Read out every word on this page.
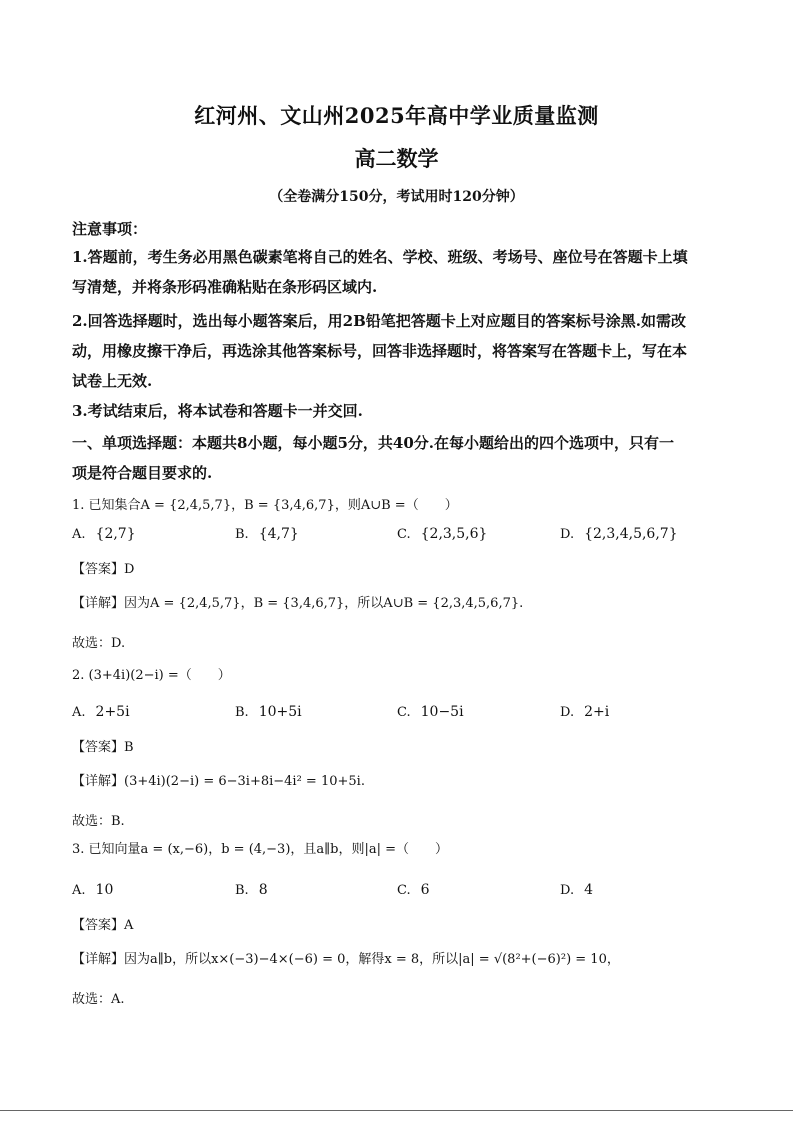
红河州、文山州2025年高中学业质量监测
高二数学
（全卷满分150分，考试用时120分钟）
注意事项：
1.答题前，考生务必用黑色碳素笔将自己的姓名、学校、班级、考场号、座位号在答题卡上填
写清楚，并将条形码准确粘贴在条形码区域内.
2.回答选择题时，选出每小题答案后，用2B铅笔把答题卡上对应题目的答案标号涂黑.如需改
动，用橡皮擦干净后，再选涂其他答案标号，回答非选择题时，将答案写在答题卡上，写在本
试卷上无效.
3.考试结束后，将本试卷和答题卡一并交回.
一、单项选择题：本题共8小题，每小题5分，共40分.在每小题给出的四个选项中，只有一
项是符合题目要求的.
1. 已知集合A = {2,4,5,7}，B = {3,4,6,7}，则A∪B =（　　）
A. {2,7}	B. {4,7}	C. {2,3,5,6}	D. {2,3,4,5,6,7}
【答案】D
【详解】因为A = {2,4,5,7}，B = {3,4,6,7}，所以A∪B = {2,3,4,5,6,7}.
故选：D.
2. (3+4i)(2−i) =（　　）
A. 2+5i	B. 10+5i	C. 10−5i	D. 2+i
【答案】B
【详解】(3+4i)(2−i) = 6−3i+8i−4i² = 10+5i.
故选：B.
3. 已知向量a = (x,−6)，b = (4,−3)，且a∥b，则|a| =（　　）
A. 10	B. 8	C. 6	D. 4
【答案】A
【详解】因为a∥b，所以x×(−3)−4×(−6) = 0，解得x = 8，所以|a| = √(8²+(−6)²) = 10，
故选：A.
